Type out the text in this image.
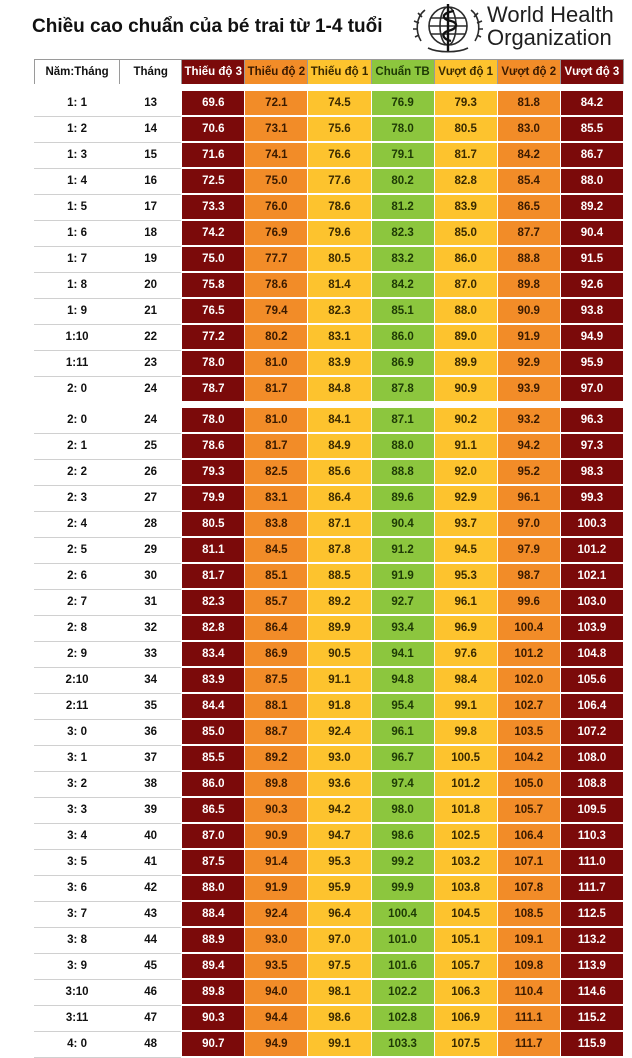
Chiều cao chuẩn của bé trai từ 1-4 tuổi	World Health
Organization
Năm:Tháng	Tháng	Thiếu độ 3	Thiếu độ 2	Thiếu độ 1	Chuẩn TB	Vượt độ 1	Vượt độ 2	Vượt độ 3
1: 1	13	69.6	72.1	74.5	76.9	79.3	81.8	84.2
1: 2	14	70.6	73.1	75.6	78.0	80.5	83.0	85.5
1: 3	15	71.6	74.1	76.6	79.1	81.7	84.2	86.7
1: 4	16	72.5	75.0	77.6	80.2	82.8	85.4	88.0
1: 5	17	73.3	76.0	78.6	81.2	83.9	86.5	89.2
1: 6	18	74.2	76.9	79.6	82.3	85.0	87.7	90.4
1: 7	19	75.0	77.7	80.5	83.2	86.0	88.8	91.5
1: 8	20	75.8	78.6	81.4	84.2	87.0	89.8	92.6
1: 9	21	76.5	79.4	82.3	85.1	88.0	90.9	93.8
1:10	22	77.2	80.2	83.1	86.0	89.0	91.9	94.9
1:11	23	78.0	81.0	83.9	86.9	89.9	92.9	95.9
2: 0	24	78.7	81.7	84.8	87.8	90.9	93.9	97.0
2: 0	24	78.0	81.0	84.1	87.1	90.2	93.2	96.3
2: 1	25	78.6	81.7	84.9	88.0	91.1	94.2	97.3
2: 2	26	79.3	82.5	85.6	88.8	92.0	95.2	98.3
2: 3	27	79.9	83.1	86.4	89.6	92.9	96.1	99.3
2: 4	28	80.5	83.8	87.1	90.4	93.7	97.0	100.3
2: 5	29	81.1	84.5	87.8	91.2	94.5	97.9	101.2
2: 6	30	81.7	85.1	88.5	91.9	95.3	98.7	102.1
2: 7	31	82.3	85.7	89.2	92.7	96.1	99.6	103.0
2: 8	32	82.8	86.4	89.9	93.4	96.9	100.4	103.9
2: 9	33	83.4	86.9	90.5	94.1	97.6	101.2	104.8
2:10	34	83.9	87.5	91.1	94.8	98.4	102.0	105.6
2:11	35	84.4	88.1	91.8	95.4	99.1	102.7	106.4
3: 0	36	85.0	88.7	92.4	96.1	99.8	103.5	107.2
3: 1	37	85.5	89.2	93.0	96.7	100.5	104.2	108.0
3: 2	38	86.0	89.8	93.6	97.4	101.2	105.0	108.8
3: 3	39	86.5	90.3	94.2	98.0	101.8	105.7	109.5
3: 4	40	87.0	90.9	94.7	98.6	102.5	106.4	110.3
3: 5	41	87.5	91.4	95.3	99.2	103.2	107.1	111.0
3: 6	42	88.0	91.9	95.9	99.9	103.8	107.8	111.7
3: 7	43	88.4	92.4	96.4	100.4	104.5	108.5	112.5
3: 8	44	88.9	93.0	97.0	101.0	105.1	109.1	113.2
3: 9	45	89.4	93.5	97.5	101.6	105.7	109.8	113.9
3:10	46	89.8	94.0	98.1	102.2	106.3	110.4	114.6
3:11	47	90.3	94.4	98.6	102.8	106.9	111.1	115.2
4: 0	48	90.7	94.9	99.1	103.3	107.5	111.7	115.9
